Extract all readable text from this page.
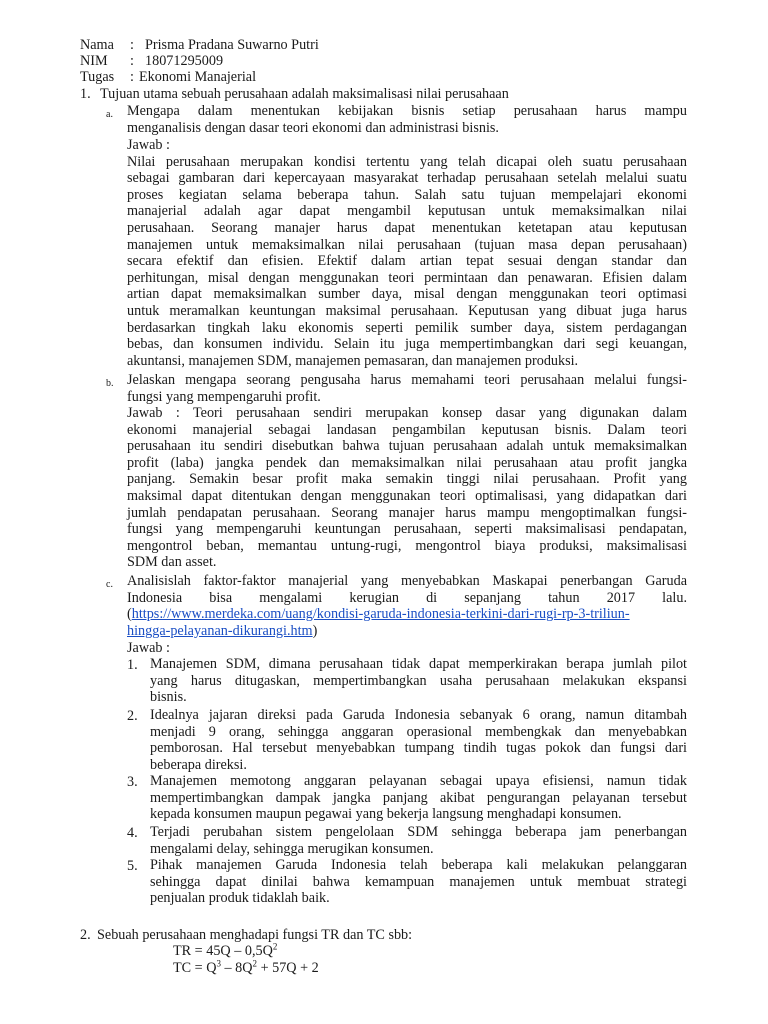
Nama : Prisma Pradana Suwarno Putri
NIM : 18071295009
Tugas : Ekonomi Manajerial
1. Tujuan utama sebuah perusahaan adalah maksimalisasi nilai perusahaan
a. Mengapa dalam menentukan kebijakan bisnis setiap perusahaan harus mampu
menganalisis dengan dasar teori ekonomi dan administrasi bisnis.
Jawab :
Nilai perusahaan merupakan kondisi tertentu yang telah dicapai oleh suatu perusahaan
sebagai gambaran dari kepercayaan masyarakat terhadap perusahaan setelah melalui suatu
proses kegiatan selama beberapa tahun. Salah satu tujuan mempelajari ekonomi
manajerial adalah agar dapat mengambil keputusan untuk memaksimalkan nilai
perusahaan. Seorang manajer harus dapat menentukan ketetapan atau keputusan
manajemen untuk memaksimalkan nilai perusahaan (tujuan masa depan perusahaan)
secara efektif dan efisien. Efektif dalam artian tepat sesuai dengan standar dan
perhitungan, misal dengan menggunakan teori permintaan dan penawaran. Efisien dalam
artian dapat memaksimalkan sumber daya, misal dengan menggunakan teori optimasi
untuk meramalkan keuntungan maksimal perusahaan. Keputusan yang dibuat juga harus
berdasarkan tingkah laku ekonomis seperti pemilik sumber daya, sistem perdagangan
bebas, dan konsumen individu. Selain itu juga mempertimbangkan dari segi keuangan,
akuntansi, manajemen SDM, manajemen pemasaran, dan manajemen produksi.
b. Jelaskan mengapa seorang pengusaha harus memahami teori perusahaan melalui fungsi-
fungsi yang mempengaruhi profit.
Jawab : Teori perusahaan sendiri merupakan konsep dasar yang digunakan dalam
ekonomi manajerial sebagai landasan pengambilan keputusan bisnis. Dalam teori
perusahaan itu sendiri disebutkan bahwa tujuan perusahaan adalah untuk memaksimalkan
profit (laba) jangka pendek dan memaksimalkan nilai perusahaan atau profit jangka
panjang. Semakin besar profit maka semakin tinggi nilai perusahaan. Profit yang
maksimal dapat ditentukan dengan menggunakan teori optimalisasi, yang didapatkan dari
jumlah pendapatan perusahaan. Seorang manajer harus mampu mengoptimalkan fungsi-
fungsi yang mempengaruhi keuntungan perusahaan, seperti maksimalisasi pendapatan,
mengontrol beban, memantau untung-rugi, mengontrol biaya produksi, maksimalisasi
SDM dan asset.
c. Analisislah faktor-faktor manajerial yang menyebabkan Maskapai penerbangan Garuda
Indonesia bisa mengalami kerugian di sepanjang tahun 2017 lalu.
(https://www.merdeka.com/uang/kondisi-garuda-indonesia-terkini-dari-rugi-rp-3-triliun-
hingga-pelayanan-dikurangi.htm)
Jawab :
1. Manajemen SDM, dimana perusahaan tidak dapat memperkirakan berapa jumlah pilot
yang harus ditugaskan, mempertimbangkan usaha perusahaan melakukan ekspansi
bisnis.
2. Idealnya jajaran direksi pada Garuda Indonesia sebanyak 6 orang, namun ditambah
menjadi 9 orang, sehingga anggaran operasional membengkak dan menyebabkan
pemborosan. Hal tersebut menyebabkan tumpang tindih tugas pokok dan fungsi dari
beberapa direksi.
3. Manajemen memotong anggaran pelayanan sebagai upaya efisiensi, namun tidak
mempertimbangkan dampak jangka panjang akibat pengurangan pelayanan tersebut
kepada konsumen maupun pegawai yang bekerja langsung menghadapi konsumen.
4. Terjadi perubahan sistem pengelolaan SDM sehingga beberapa jam penerbangan
mengalami delay, sehingga merugikan konsumen.
5. Pihak manajemen Garuda Indonesia telah beberapa kali melakukan pelanggaran
sehingga dapat dinilai bahwa kemampuan manajemen untuk membuat strategi
penjualan produk tidaklah baik.
2. Sebuah perusahaan menghadapi fungsi TR dan TC sbb:
TR = $45Q - 0,5Q^2$
TC = $Q^3 - 8Q^2 + 57Q + 2$
